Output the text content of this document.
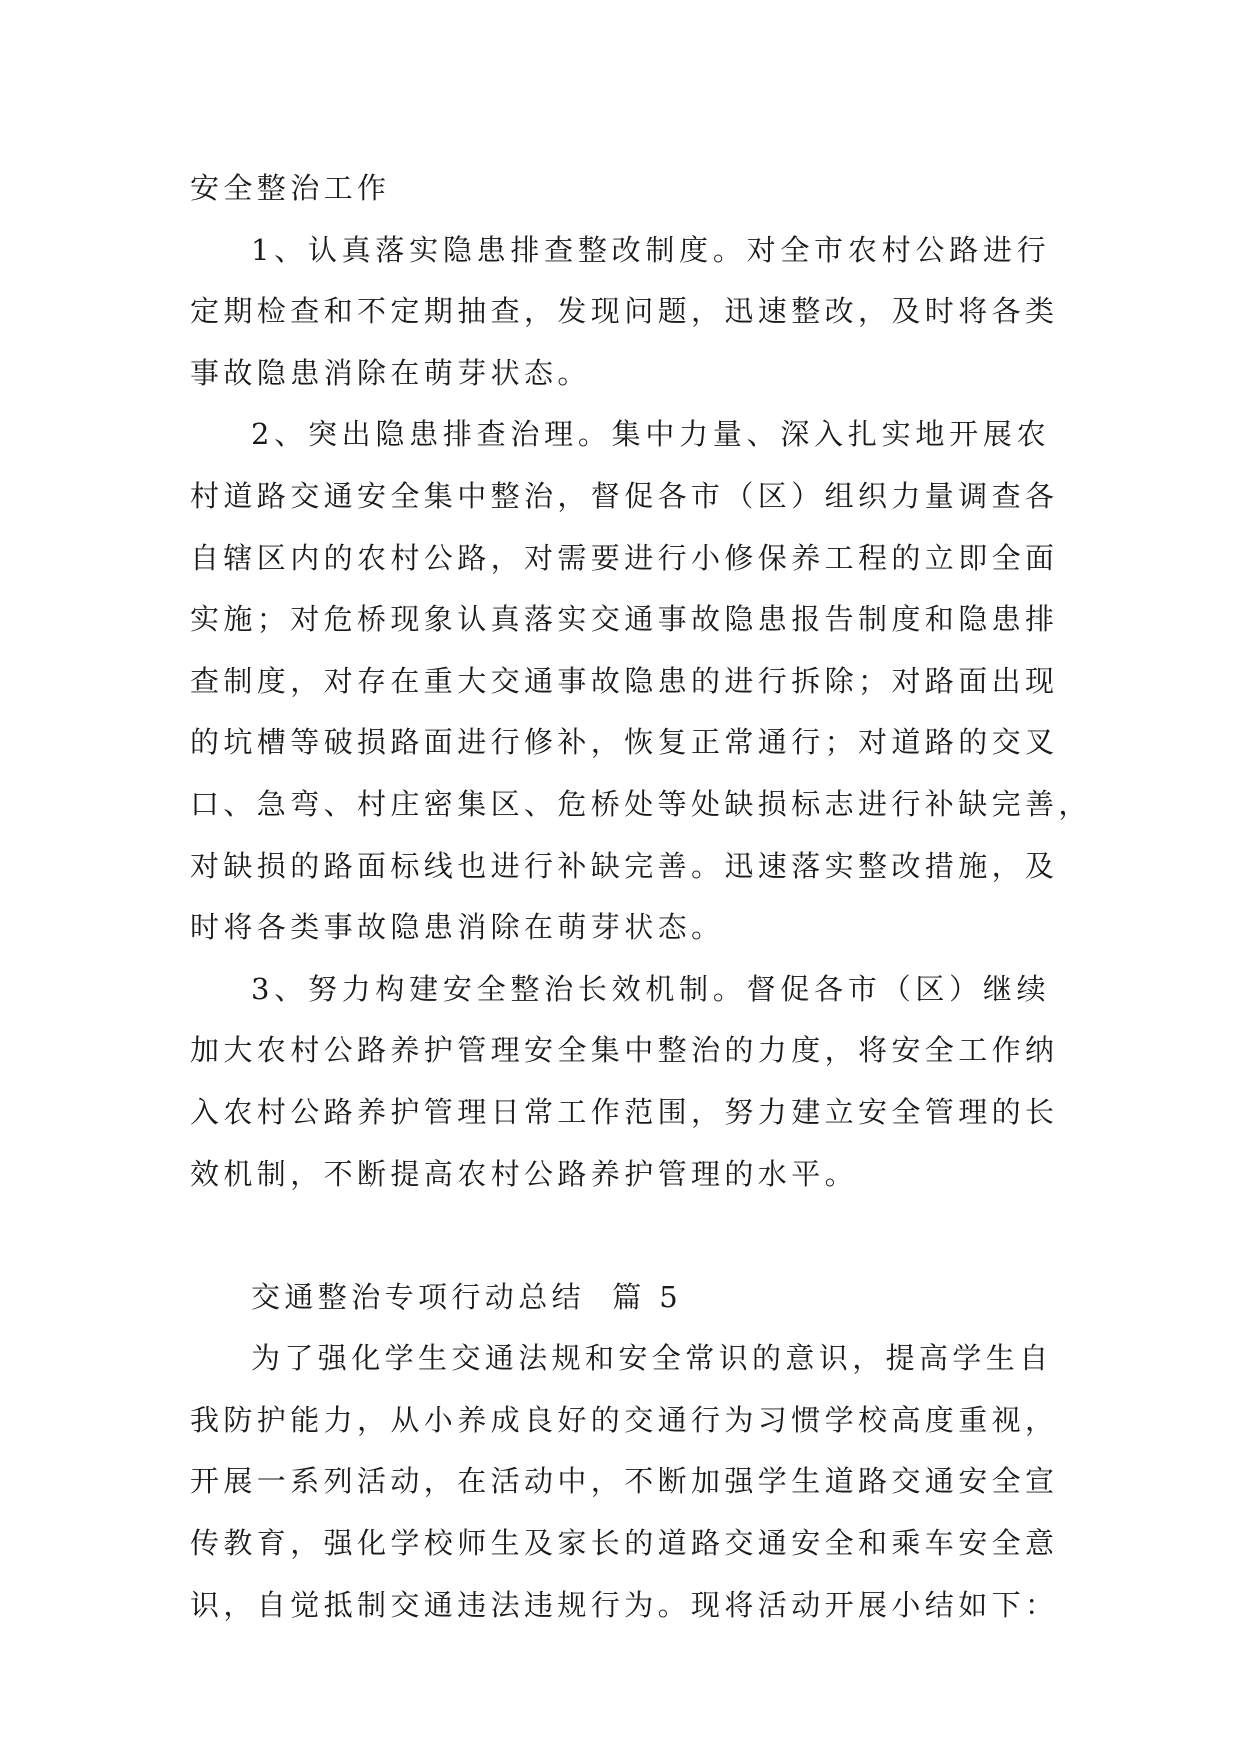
安全整治工作
1、认真落实隐患排查整改制度。对全市农村公路进行
定期检查和不定期抽查，发现问题，迅速整改，及时将各类
事故隐患消除在萌芽状态。
2、突出隐患排查治理。集中力量、深入扎实地开展农
村道路交通安全集中整治，督促各市（区）组织力量调查各
自辖区内的农村公路，对需要进行小修保养工程的立即全面
实施；对危桥现象认真落实交通事故隐患报告制度和隐患排
查制度，对存在重大交通事故隐患的进行拆除；对路面出现
的坑槽等破损路面进行修补，恢复正常通行；对道路的交叉
口、急弯、村庄密集区、危桥处等处缺损标志进行补缺完善，
对缺损的路面标线也进行补缺完善。迅速落实整改措施，及
时将各类事故隐患消除在萌芽状态。
3、努力构建安全整治长效机制。督促各市（区）继续
加大农村公路养护管理安全集中整治的力度，将安全工作纳
入农村公路养护管理日常工作范围，努力建立安全管理的长
效机制，不断提高农村公路养护管理的水平。
交通整治专项行动总结  篇 5
为了强化学生交通法规和安全常识的意识，提高学生自
我防护能力，从小养成良好的交通行为习惯学校高度重视，
开展一系列活动，在活动中，不断加强学生道路交通安全宣
传教育，强化学校师生及家长的道路交通安全和乘车安全意
识，自觉抵制交通违法违规行为。现将活动开展小结如下：
